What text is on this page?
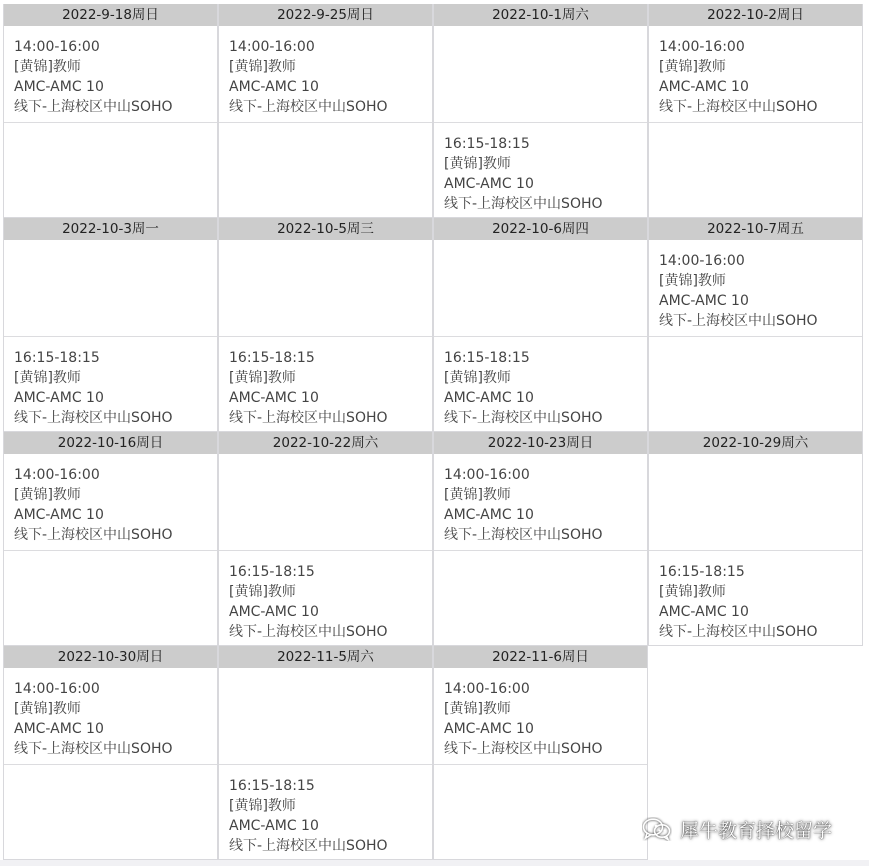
2022-9-18周日
14:00-16:00
[黄锦]教师
AMC-AMC 10
线下-上海校区中山SOHO
2022-9-25周日
14:00-16:00
[黄锦]教师
AMC-AMC 10
线下-上海校区中山SOHO
2022-10-1周六
16:15-18:15
[黄锦]教师
AMC-AMC 10
线下-上海校区中山SOHO
2022-10-2周日
14:00-16:00
[黄锦]教师
AMC-AMC 10
线下-上海校区中山SOHO
2022-10-3周一
16:15-18:15
[黄锦]教师
AMC-AMC 10
线下-上海校区中山SOHO
2022-10-5周三
16:15-18:15
[黄锦]教师
AMC-AMC 10
线下-上海校区中山SOHO
2022-10-6周四
16:15-18:15
[黄锦]教师
AMC-AMC 10
线下-上海校区中山SOHO
2022-10-7周五
14:00-16:00
[黄锦]教师
AMC-AMC 10
线下-上海校区中山SOHO
2022-10-16周日
14:00-16:00
[黄锦]教师
AMC-AMC 10
线下-上海校区中山SOHO
2022-10-22周六
16:15-18:15
[黄锦]教师
AMC-AMC 10
线下-上海校区中山SOHO
2022-10-23周日
14:00-16:00
[黄锦]教师
AMC-AMC 10
线下-上海校区中山SOHO
2022-10-29周六
16:15-18:15
[黄锦]教师
AMC-AMC 10
线下-上海校区中山SOHO
2022-10-30周日
14:00-16:00
[黄锦]教师
AMC-AMC 10
线下-上海校区中山SOHO
2022-11-5周六
16:15-18:15
[黄锦]教师
AMC-AMC 10
线下-上海校区中山SOHO
2022-11-6周日
14:00-16:00
[黄锦]教师
AMC-AMC 10
线下-上海校区中山SOHO
犀牛教育择校留学
